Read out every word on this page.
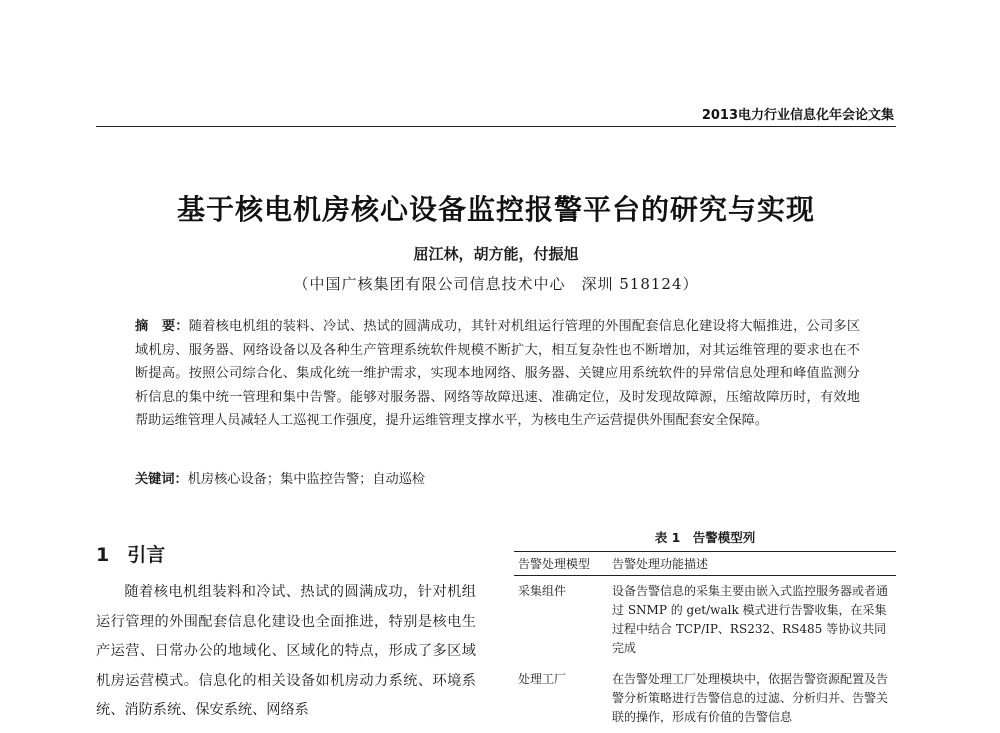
2013电力行业信息化年会论文集
基于核电机房核心设备监控报警平台的研究与实现
屈江林，胡方能，付振旭
（中国广核集团有限公司信息技术中心　深圳 518124）
摘　要：随着核电机组的装料、冷试、热试的圆满成功，其针对机组运行管理的外围配套信息化建设将大幅推进，公司多区域机房、服务器、网络设备以及各种生产管理系统软件规模不断扩大，相互复杂性也不断增加，对其运维管理的要求也在不断提高。按照公司综合化、集成化统一维护需求，实现本地网络、服务器、关键应用系统软件的异常信息处理和峰值监测分析信息的集中统一管理和集中告警。能够对服务器、网络等故障迅速、准确定位，及时发现故障源，压缩故障历时，有效地帮助运维管理人员减轻人工巡视工作强度，提升运维管理支撑水平，为核电生产运营提供外围配套安全保障。
关键词：机房核心设备；集中监控告警；自动巡检
1 引言
随着核电机组装料和冷试、热试的圆满成功，针对机组运行管理的外围配套信息化建设也全面推进，特别是核电生产运营、日常办公的地域化、区域化的特点，形成了多区域机房运营模式。信息化的相关设备如机房动力系统、环境系统、消防系统、保安系统、网络系
表 1　告警模型列
告警处理模型	告警处理功能描述
采集组件	设备告警信息的采集主要由嵌入式监控服务器或者通过 SNMP 的 get/walk 模式进行告警收集，在采集过程中结合 TCP/IP、RS232、RS485 等协议共同完成
处理工厂	在告警处理工厂处理模块中，依据告警资源配置及告警分析策略进行告警信息的过滤、分析归并、告警关联的操作，形成有价值的告警信息
